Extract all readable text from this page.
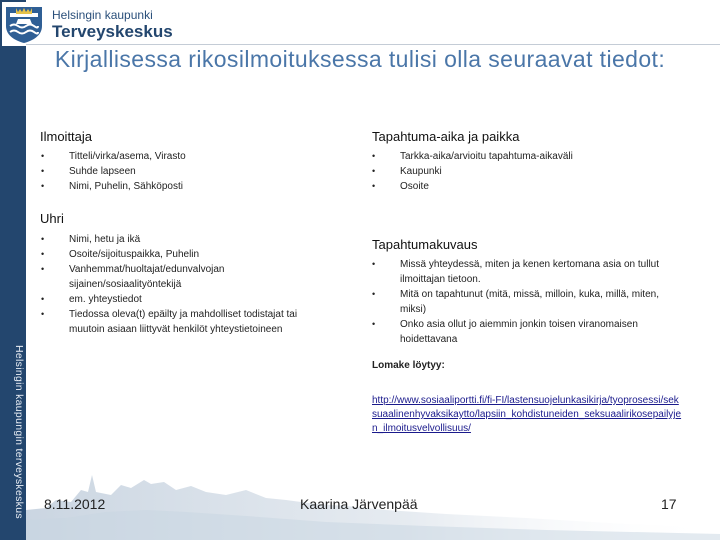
Helsingin kaupungin terveyskeskus
Helsingin kaupunki
Terveyskeskus
Kirjallisessa rikosilmoituksessa tulisi olla seuraavat tiedot:
Ilmoittaja
• Titteli/virka/asema, Virasto
• Suhde lapseen
• Nimi, Puhelin, Sähköposti
Uhri
• Nimi, hetu ja ikä
• Osoite/sijoituspaikka, Puhelin
• Vanhemmat/huoltajat/edunvalvojan sijainen/sosiaalityöntekijä
• em. yhteystiedot
• Tiedossa oleva(t) epäilty ja mahdolliset todistajat tai muutoin asiaan liittyvät henkilöt yhteystietoineen
Tapahtuma-aika ja paikka
• Tarkka-aika/arvioitu tapahtuma-aikaväli
• Kaupunki
• Osoite
Tapahtumakuvaus
• Missä yhteydessä, miten ja kenen kertomana asia on tullut ilmoittajan tietoon.
• Mitä on tapahtunut (mitä, missä, milloin, kuka, millä, miten, miksi)
• Onko asia ollut jo aiemmin jonkin toisen viranomaisen hoidettavana
Lomake löytyy:
http://www.sosiaaliportti.fi/fi-FI/lastensuojelunkasikirja/tyoprosessi/seksuaalinenhyvaksikaytto/lapsiin_kohdistuneiden_seksuaalirikosepailyjen_ilmoitusvelvollisuus/
8.11.2012	Kaarina Järvenpää	17
